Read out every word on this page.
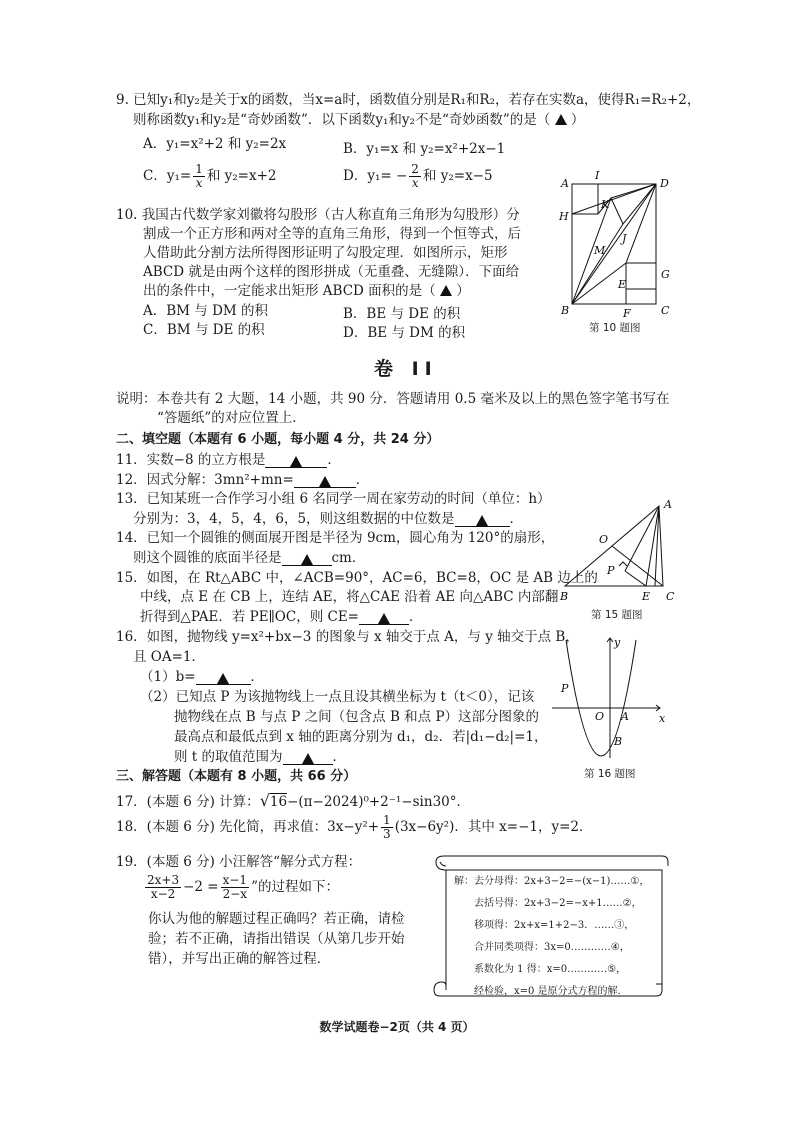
9. 已知y₁和y₂是关于x的函数，当x=a时，函数值分别是R₁和R₂，若存在实数a，使得R₁=R₂+2，
则称函数y₁和y₂是“奇妙函数”．以下函数y₁和y₂不是“奇妙函数”的是（ ）
A．y₁=x²+2 和 y₂=2x	B．y₁=x 和 y₂=x²+2x−1
C．$y_1= \frac{1}{x}$ 和 y₂=x+2	D．$y_1= - \frac{2}{x}$ 和 y₂=x−5
10. 我国古代数学家刘徽将勾股形（古人称直角三角形为勾股形）分
割成一个正方形和两对全等的直角三角形，得到一个恒等式，后
人借助此分割方法所得图形证明了勾股定理．如图所示，矩形
ABCD 就是由两个这样的图形拼成（无重叠、无缝隙）．下面给
出的条件中，一定能求出矩形 ABCD 面积的是（ ）
A．BM 与 DM 的积	B．BE 与 DE 的积
C．BM 与 DE 的积	D．BE 与 DM 的积
A
I
D
H
K
J
M
G
E
B	F	C
第 10 题图
卷 II
说明：本卷共有 2 大题，14 小题，共 90 分．答题请用 0.5 毫米及以上的黑色签字笔书写在
“答题纸”的对应位置上．
二、填空题（本题有 6 小题，每小题 4 分，共 24 分）
11．实数−8 的立方根是	．
12．因式分解：3mn²+mn=	．
13．已知某班一合作学习小组 6 名同学一周在家劳动的时间（单位：h）
分别为：3，4，5，4，6，5，则这组数据的中位数是	．
14．已知一个圆锥的侧面展开图是半径为 9cm，圆心角为 120°的扇形，
则这个圆锥的底面半径是	cm．
15．如图，在 Rt△ABC 中，∠ACB=90°，AC=6，BC=8，OC 是 AB 边上的
中线，点 E 在 CB 上，连结 AE，将△CAE 沿着 AE 向△ABC 内部翻
折得到△PAE．若 PE∥OC，则 CE=	．
A
O
P
B	E C
第 15 题图
16．如图，抛物线 y=x²+bx−3 的图象与 x 轴交于点 A，与 y 轴交于点 B，
且 OA=1．
（1）b=	．
（2）已知点 P 为该抛物线上一点且设其横坐标为 t（t＜0），记该
抛物线在点 B 与点 P 之间（包含点 B 和点 P）这部分图象的
最高点和最低点到 x 轴的距离分别为 d₁，d₂．若|d₁−d₂|=1，
则 t 的取值范围为	．
y
P
O A	x
B
第 16 题图
三、解答题（本题有 8 小题，共 66 分）
17．(本题 6 分) 计算：√16−(π−2024)⁰+2⁻¹−sin30°．
18．(本题 6 分) 先化简，再求值：$3x-y^2+ \frac{1}{3} (3x-6y^2)$．其中 x=−1，y=2．
19．(本题 6 分) 小汪解答“解分式方程：
$\frac{2x+3}{x-2} -2 = \frac{x-1}{2-x}$ ”的过程如下：
你认为他的解题过程正确吗？若正确，请检
验；若不正确，请指出错误（从第几步开始
错），并写出正确的解答过程．
解：去分母得：2x+3−2=−(x−1)……①，
去括号得：2x+3−2=−x+1……②，
移项得：2x+x=1+2−3．……③，
合并同类项得：3x=0…………④，
系数化为 1 得：x=0…………⑤，
经检验，x=0 是原分式方程的解．
数学试题卷−2页（共 4 页）
